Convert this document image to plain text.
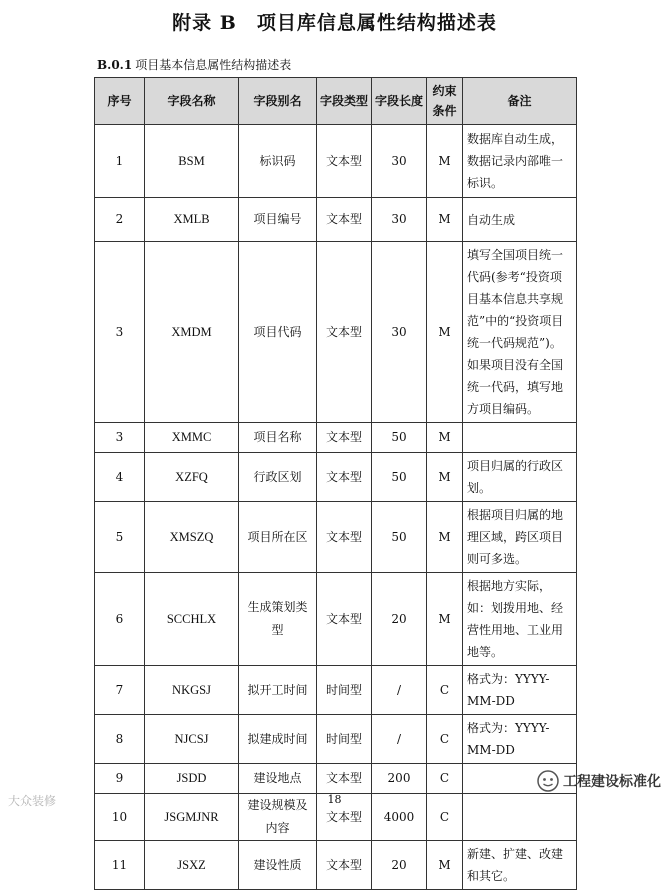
附录 B　项目库信息属性结构描述表
B.0.1 项目基本信息属性结构描述表
序号	字段名称	字段别名	字段类型	字段长度	约束条件	备注
1	BSM	标识码	文本型	30	M	数据库自动生成，数据记录内部唯一标识。
2	XMLB	项目编号	文本型	30	M	自动生成
3	XMDM	项目代码	文本型	30	M	填写全国项目统一代码(参考“投资项目基本信息共享规范”中的“投资项目统一代码规范”)。如果项目没有全国统一代码，填写地方项目编码。
3	XMMC	项目名称	文本型	50	M	
4	XZFQ	行政区划	文本型	50	M	项目归属的行政区划。
5	XMSZQ	项目所在区	文本型	50	M	根据项目归属的地理区域，跨区项目则可多选。
6	SCCHLX	生成策划类型	文本型	20	M	根据地方实际，如：划拨用地、经营性用地、工业用地等。
7	NKGSJ	拟开工时间	时间型	/	C	格式为：YYYY-MM-DD
8	NJCSJ	拟建成时间	时间型	/	C	格式为：YYYY-MM-DD
9	JSDD	建设地点	文本型	200	C	
10	JSGMJNR	建设规模及内容	文本型	4000	C	
11	JSXZ	建设性质	文本型	20	M	新建、扩建、改建和其它。
18
大众装修
工程建设标准化
